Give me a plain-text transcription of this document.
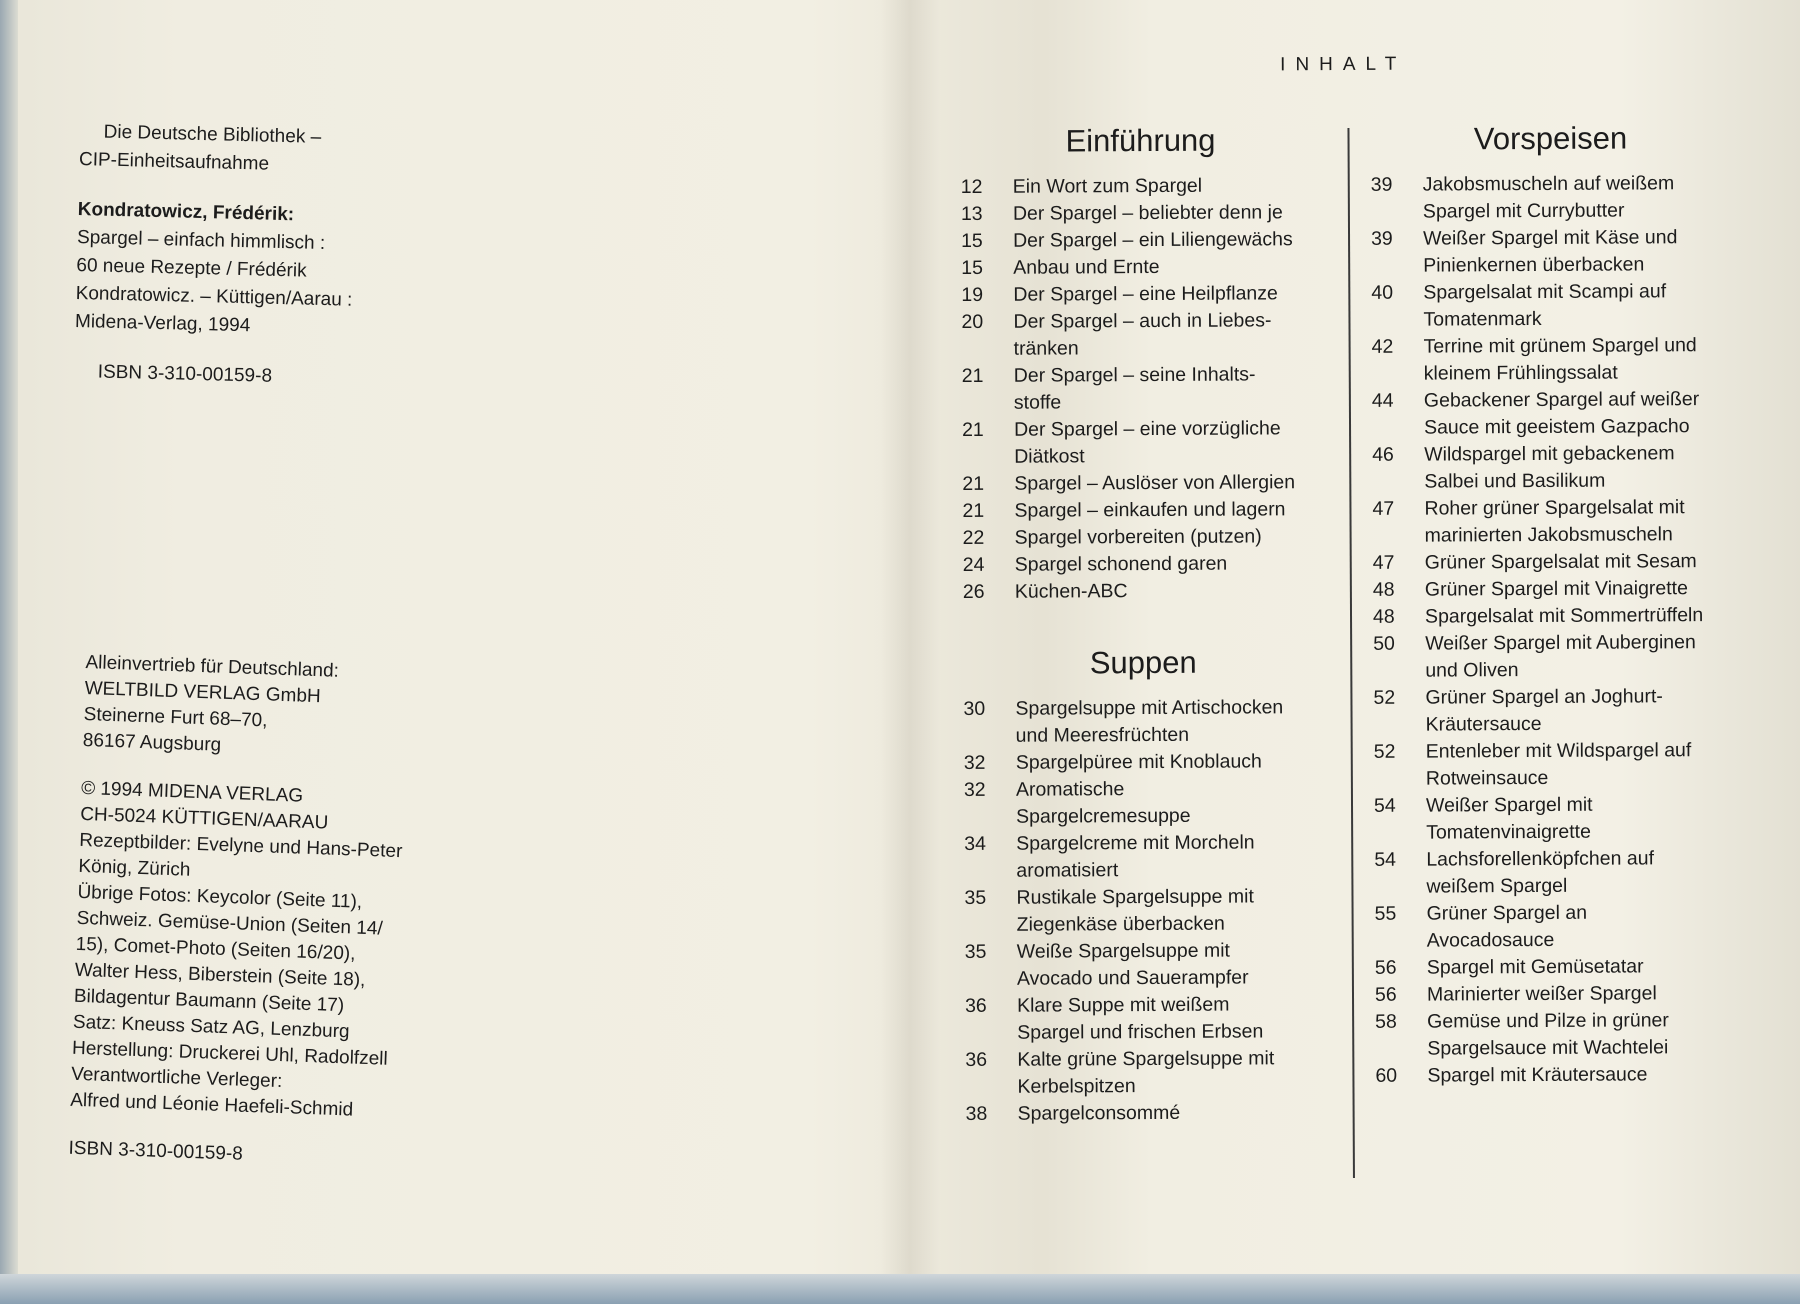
Die Deutsche Bibliothek –

CIP-Einheitsaufnahme

Kondratowicz, Frédérik:

Spargel – einfach himmlisch :

60 neue Rezepte / Frédérik

Kondratowicz. – Küttigen/Aarau :

Midena-Verlag, 1994

ISBN 3-310-00159-8

Alleinvertrieb für Deutschland:

WELTBILD VERLAG GmbH

Steinerne Furt 68–70,

86167 Augsburg

© 1994 MIDENA VERLAG

CH-5024 KÜTTIGEN/AARAU

Rezeptbilder: Evelyne und Hans-Peter

König, Zürich

Übrige Fotos: Keycolor (Seite 11),

Schweiz. Gemüse-Union (Seiten 14/

15), Comet-Photo (Seiten 16/20),

Walter Hess, Biberstein (Seite 18),

Bildagentur Baumann (Seite 17)

Satz: Kneuss Satz AG, Lenzburg

Herstellung: Druckerei Uhl, Radolfzell

Verantwortliche Verleger:

Alfred und Léonie Haefeli-Schmid

ISBN 3-310-00159-8

INHALT
Einführung
12	Ein Wort zum Spargel
13	Der Spargel – beliebter denn je
15	Der Spargel – ein Liliengewächs
15	Anbau und Ernte
19	Der Spargel – eine Heilpflanze
20	Der Spargel – auch in Liebes-
tränken
21	Der Spargel – seine Inhalts-
stoffe
21	Der Spargel – eine vorzügliche
Diätkost
21	Spargel – Auslöser von Allergien
21	Spargel – einkaufen und lagern
22	Spargel vorbereiten (putzen)
24	Spargel schonend garen
26	Küchen-ABC
Suppen
30	Spargelsuppe mit Artischocken
und Meeresfrüchten
32	Spargelpüree mit Knoblauch
32	Aromatische
Spargelcremesuppe
34	Spargelcreme mit Morcheln
aromatisiert
35	Rustikale Spargelsuppe mit
Ziegenkäse überbacken
35	Weiße Spargelsuppe mit
Avocado und Sauerampfer
36	Klare Suppe mit weißem
Spargel und frischen Erbsen
36	Kalte grüne Spargelsuppe mit
Kerbelspitzen
38	Spargelconsommé
Vorspeisen
39	Jakobsmuscheln auf weißem
Spargel mit Currybutter
39	Weißer Spargel mit Käse und
Pinienkernen überbacken
40	Spargelsalat mit Scampi auf
Tomatenmark
42	Terrine mit grünem Spargel und
kleinem Frühlingssalat
44	Gebackener Spargel auf weißer
Sauce mit geeistem Gazpacho
46	Wildspargel mit gebackenem
Salbei und Basilikum
47	Roher grüner Spargelsalat mit
marinierten Jakobsmuscheln
47	Grüner Spargelsalat mit Sesam
48	Grüner Spargel mit Vinaigrette
48	Spargelsalat mit Sommertrüffeln
50	Weißer Spargel mit Auberginen
und Oliven
52	Grüner Spargel an Joghurt-
Kräutersauce
52	Entenleber mit Wildspargel auf
Rotweinsauce
54	Weißer Spargel mit
Tomatenvinaigrette
54	Lachsforellenköpfchen auf
weißem Spargel
55	Grüner Spargel an
Avocadosauce
56	Spargel mit Gemüsetatar
56	Marinierter weißer Spargel
58	Gemüse und Pilze in grüner
Spargelsauce mit Wachtelei
60	Spargel mit Kräutersauce
